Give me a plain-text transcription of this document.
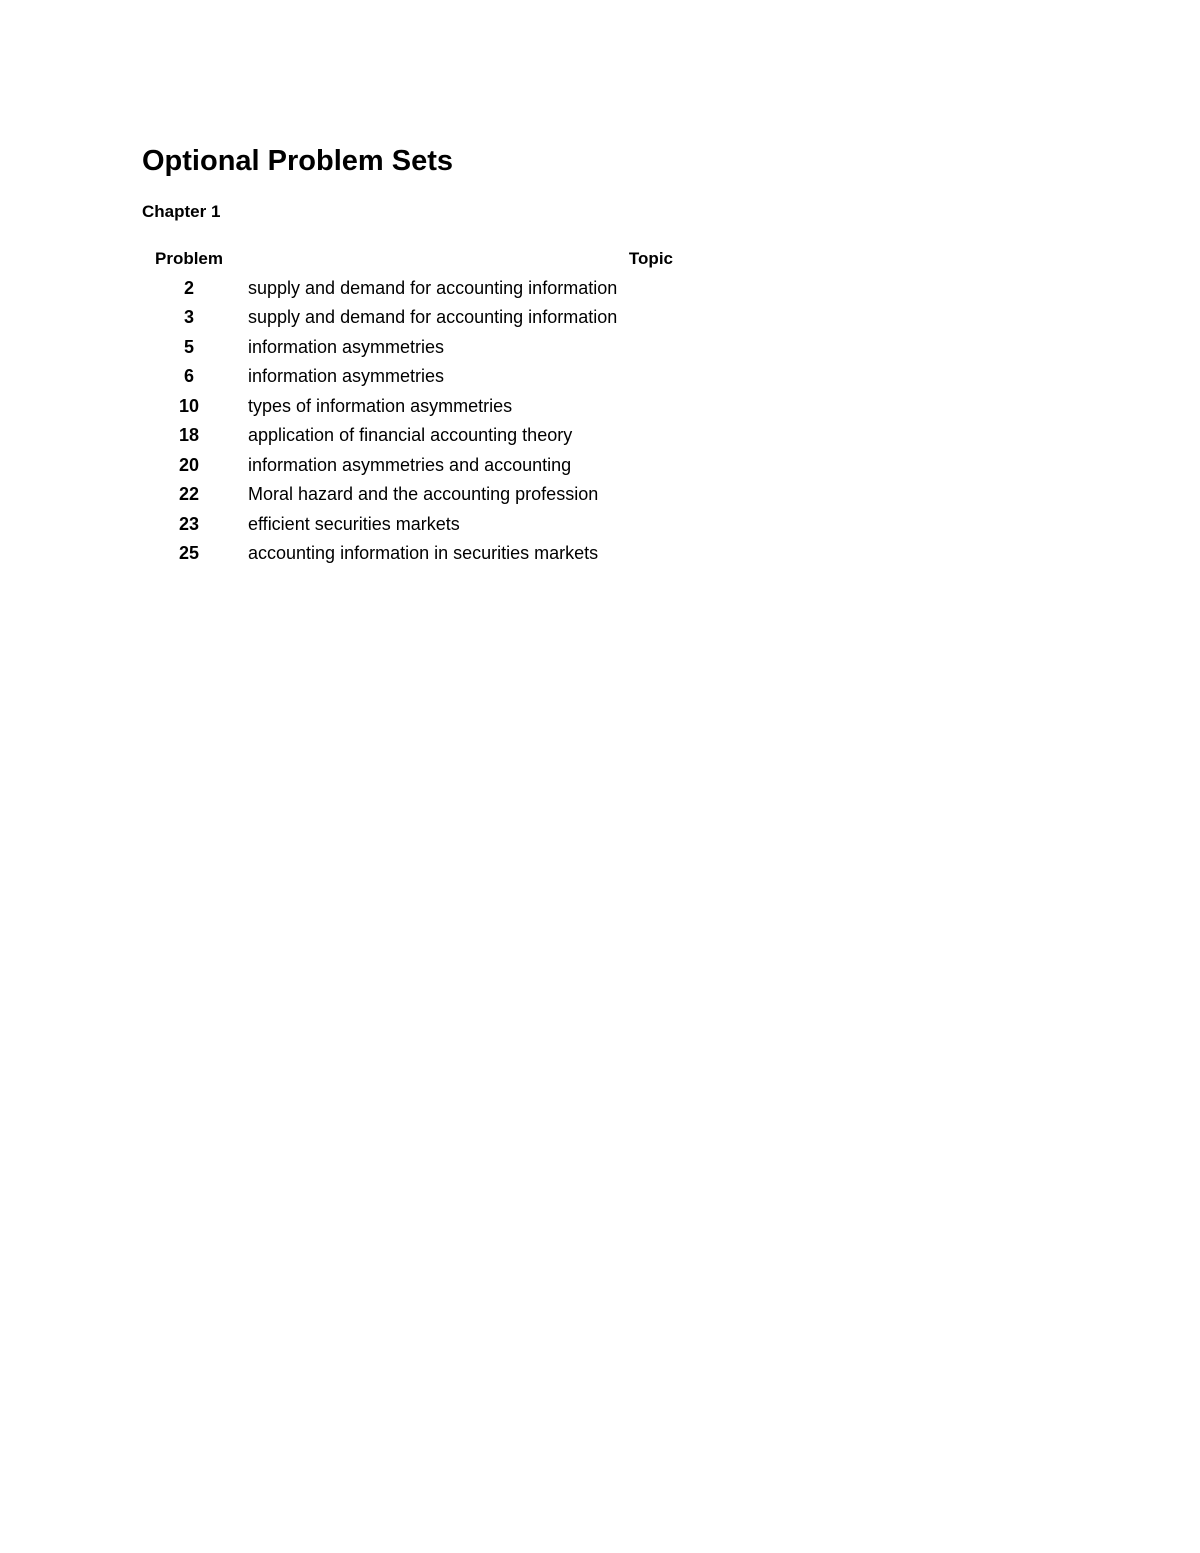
Optional Problem Sets
Chapter 1
Problem	Topic
2	supply and demand for accounting information
3	supply and demand for accounting information
5	information asymmetries
6	information asymmetries
10	types of information asymmetries
18	application of financial accounting theory
20	information asymmetries and accounting
22	Moral hazard and the accounting profession
23	efficient securities markets
25	accounting information in securities markets
